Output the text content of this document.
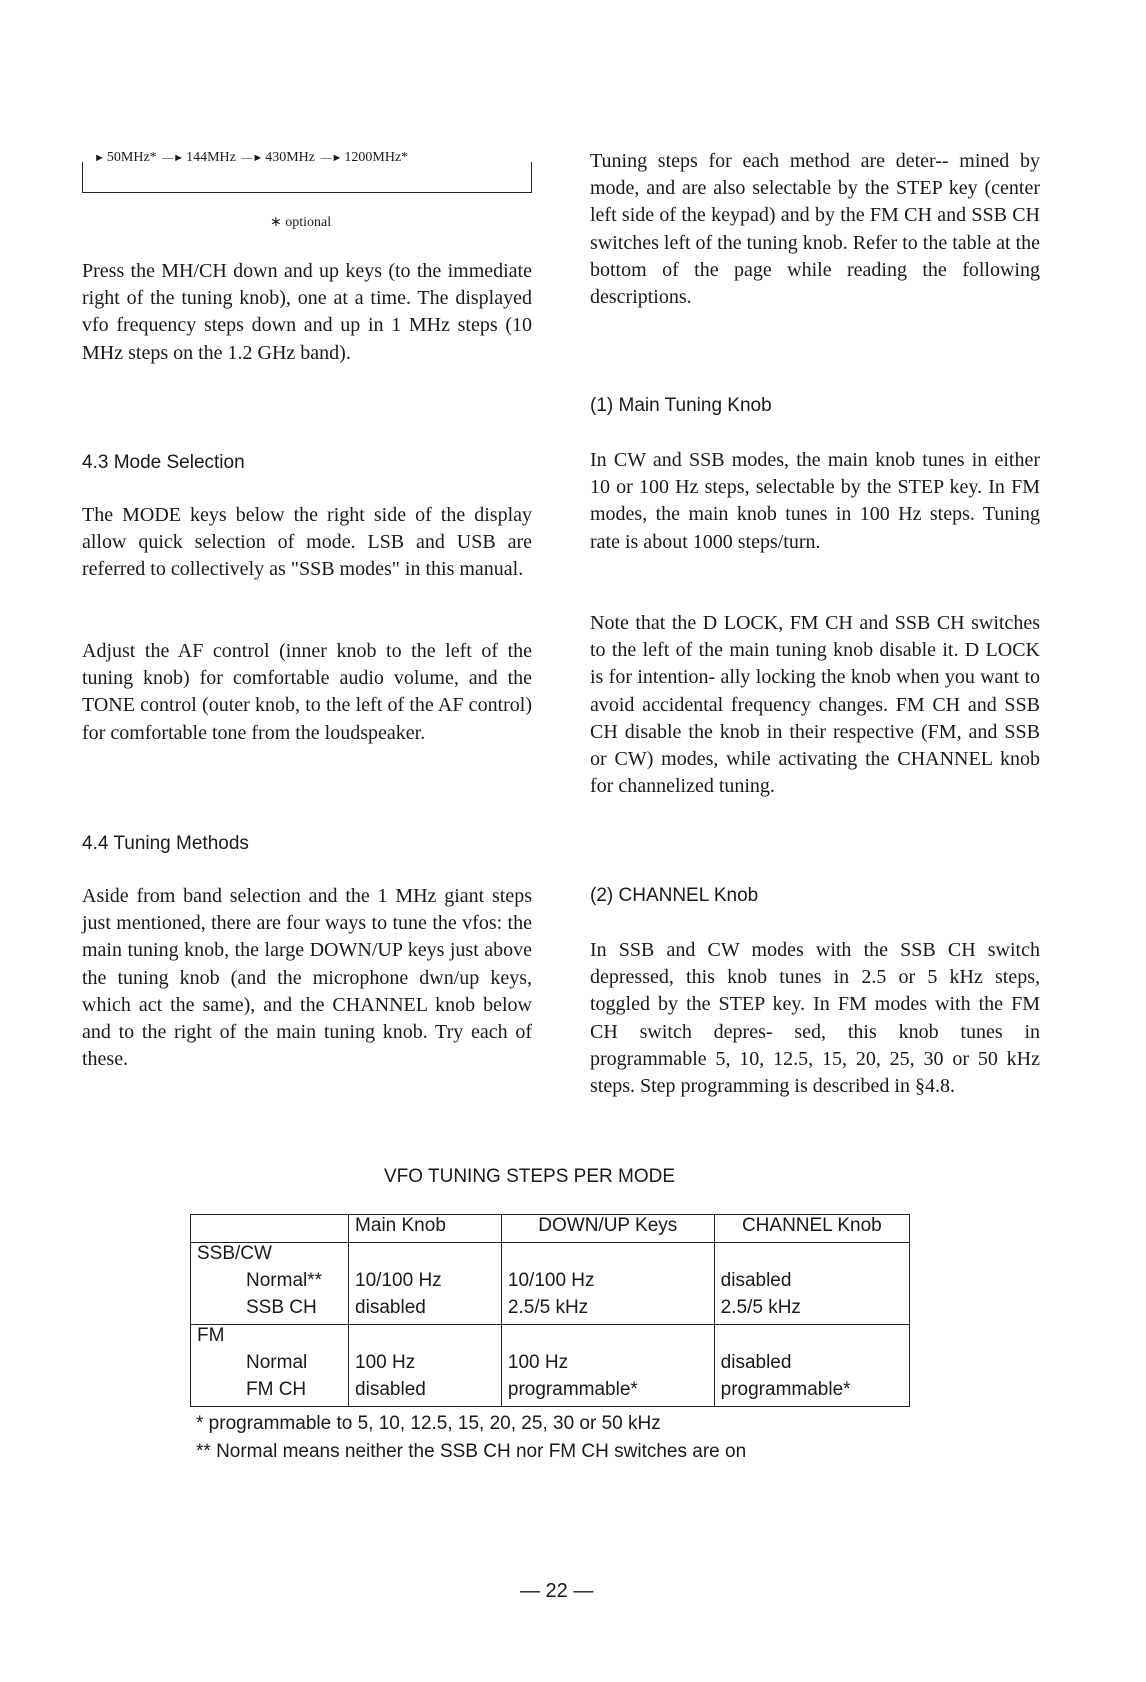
► 50MHz* —► 144MHz —► 430MHz —► 1200MHz*
∗ optional
Press the MH/CH down and up keys (to the immediate right of the tuning knob), one at a time. The displayed vfo frequency steps down and up in 1 MHz steps (10 MHz steps on the 1.2 GHz band).
4.3 Mode Selection
The MODE keys below the right side of the display allow quick selection of mode. LSB and USB are referred to collectively as "SSB modes" in this manual.
Adjust the AF control (inner knob to the left of the tuning knob) for comfortable audio volume, and the TONE control (outer knob, to the left of the AF control) for comfortable tone from the loudspeaker.
4.4 Tuning Methods
Aside from band selection and the 1 MHz giant steps just mentioned, there are four ways to tune the vfos: the main tuning knob, the large DOWN/UP keys just above the tuning knob (and the microphone dwn/up keys, which act the same), and the CHANNEL knob below and to the right of the main tuning knob. Try each of these.
Tuning steps for each method are deter-- mined by mode, and are also selectable by the STEP key (center left side of the keypad) and by the FM CH and SSB CH switches left of the tuning knob. Refer to the table at the bottom of the page while reading the following descriptions.
(1) Main Tuning Knob
In CW and SSB modes, the main knob tunes in either 10 or 100 Hz steps, selectable by the STEP key. In FM modes, the main knob tunes in 100 Hz steps. Tuning rate is about 1000 steps/turn.
Note that the D LOCK, FM CH and SSB CH switches to the left of the main tuning knob disable it. D LOCK is for intention- ally locking the knob when you want to avoid accidental frequency changes. FM CH and SSB CH disable the knob in their respective (FM, and SSB or CW) modes, while activating the CHANNEL knob for channelized tuning.
(2) CHANNEL Knob
In SSB and CW modes with the SSB CH switch depressed, this knob tunes in 2.5 or 5 kHz steps, toggled by the STEP key. In FM modes with the FM CH switch depres- sed, this knob tunes in programmable 5, 10, 12.5, 15, 20, 25, 30 or 50 kHz steps. Step programming is described in §4.8.
VFO TUNING STEPS PER MODE
	Main Knob	DOWN/UP Keys	CHANNEL Knob
SSB/CW			
Normal**	10/100 Hz	10/100 Hz	disabled
SSB CH	disabled	2.5/5 kHz	2.5/5 kHz
FM			
Normal	100 Hz	100 Hz	disabled
FM CH	disabled	programmable*	programmable*
* programmable to 5, 10, 12.5, 15, 20, 25, 30 or 50 kHz
** Normal means neither the SSB CH nor FM CH switches are on
— 22 —
